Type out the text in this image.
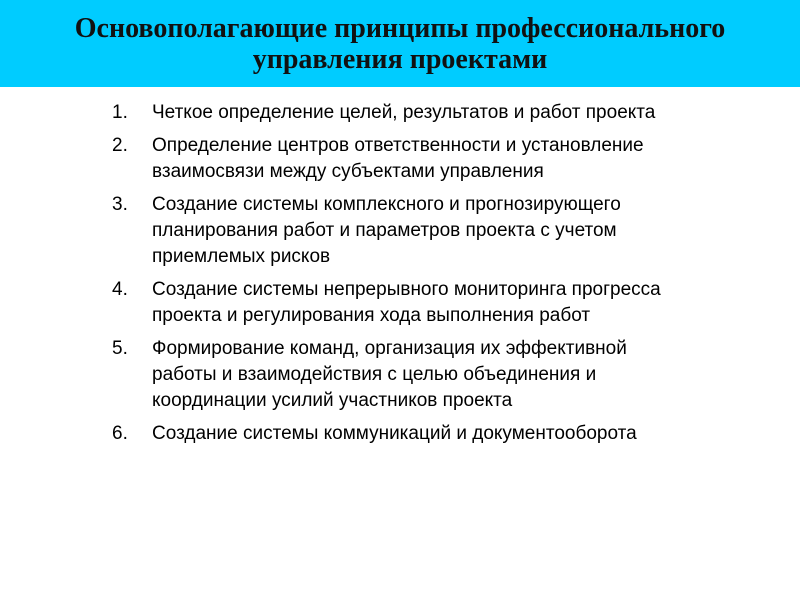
Основополагающие принципы профессионального управления проектами
1.	Четкое определение целей, результатов и работ проекта
2.	Определение центров ответственности и установление взаимосвязи между субъектами управления
3.	Создание системы комплексного и прогнозирующего планирования работ и параметров проекта с учетом приемлемых рисков
4.	Создание системы непрерывного мониторинга прогресса проекта и регулирования хода выполнения работ
5.	Формирование команд, организация их эффективной работы и взаимодействия с целью объединения и координации усилий участников проекта
6.	Создание системы коммуникаций и документооборота
